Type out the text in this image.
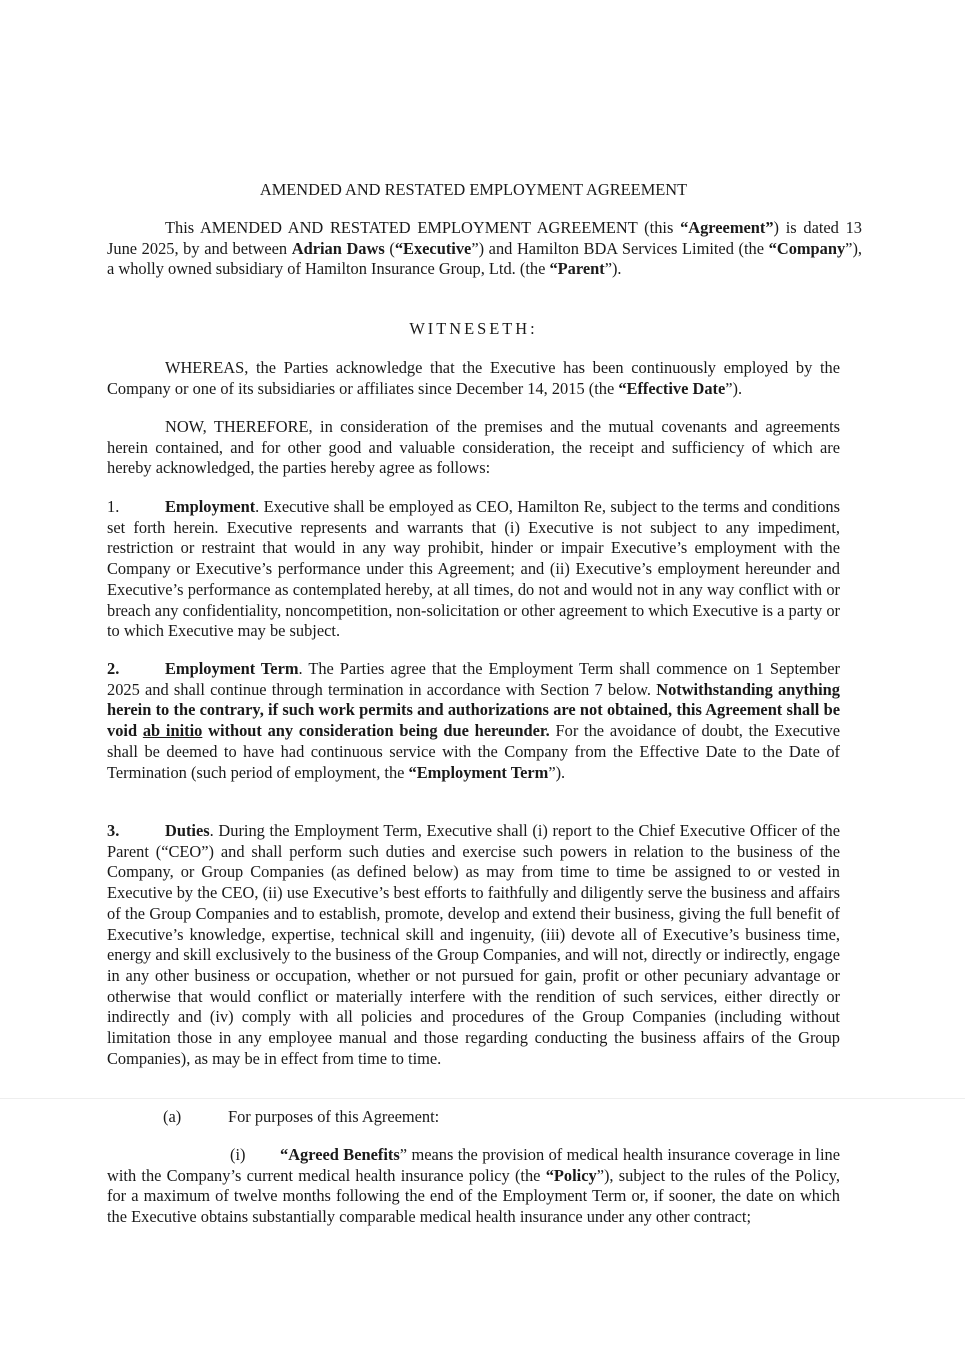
AMENDED AND RESTATED EMPLOYMENT AGREEMENT

This AMENDED AND RESTATED EMPLOYMENT AGREEMENT (this “Agreement”) is dated 13 June 2025, by and between Adrian Daws (“Executive”) and Hamilton BDA Services Limited (the “Company”), a wholly owned subsidiary of Hamilton Insurance Group, Ltd. (the “Parent”).

WITNESETH:

WHEREAS, the Parties acknowledge that the Executive has been continuously employed by the Company or one of its subsidiaries or affiliates since December 14, 2015 (the “Effective Date”).

NOW, THEREFORE, in consideration of the premises and the mutual covenants and agreements herein contained, and for other good and valuable consideration, the receipt and sufficiency of which are hereby acknowledged, the parties hereby agree as follows:

1.	Employment. Executive shall be employed as CEO, Hamilton Re, subject to the terms and conditions set forth herein. Executive represents and warrants that (i) Executive is not subject to any impediment, restriction or restraint that would in any way prohibit, hinder or impair Executive’s employment with the Company or Executive’s performance under this Agreement; and (ii) Executive’s employment hereunder and Executive’s performance as contemplated hereby, at all times, do not and would not in any way conflict with or breach any confidentiality, noncompetition, non-solicitation or other agreement to which Executive is a party or to which Executive may be subject.

2.	Employment Term. The Parties agree that the Employment Term shall commence on 1 September 2025 and shall continue through termination in accordance with Section 7 below. Notwithstanding anything herein to the contrary, if such work permits and authorizations are not obtained, this Agreement shall be void ab initio without any consideration being due hereunder. For the avoidance of doubt, the Executive shall be deemed to have had continuous service with the Company from the Effective Date to the Date of Termination (such period of employment, the “Employment Term”).

3.	Duties. During the Employment Term, Executive shall (i) report to the Chief Executive Officer of the Parent (“CEO”) and shall perform such duties and exercise such powers in relation to the business of the Company, or Group Companies (as defined below) as may from time to time be assigned to or vested in Executive by the CEO, (ii) use Executive’s best efforts to faithfully and diligently serve the business and affairs of the Group Companies and to establish, promote, develop and extend their business, giving the full benefit of Executive’s knowledge, expertise, technical skill and ingenuity, (iii) devote all of Executive’s business time, energy and skill exclusively to the business of the Group Companies, and will not, directly or indirectly, engage in any other business or occupation, whether or not pursued for gain, profit or other pecuniary advantage or otherwise that would conflict or materially interfere with the rendition of such services, either directly or indirectly and (iv) comply with all policies and procedures of the Group Companies (including without limitation those in any employee manual and those regarding conducting the business affairs of the Group Companies), as may be in effect from time to time.

(a)	For purposes of this Agreement:

(i) “Agreed Benefits” means the provision of medical health insurance coverage in line with the Company’s current medical health insurance policy (the “Policy”), subject to the rules of the Policy, for a maximum of twelve months following the end of the Employment Term or, if sooner, the date on which the Executive obtains substantially comparable medical health insurance under any other contract;
